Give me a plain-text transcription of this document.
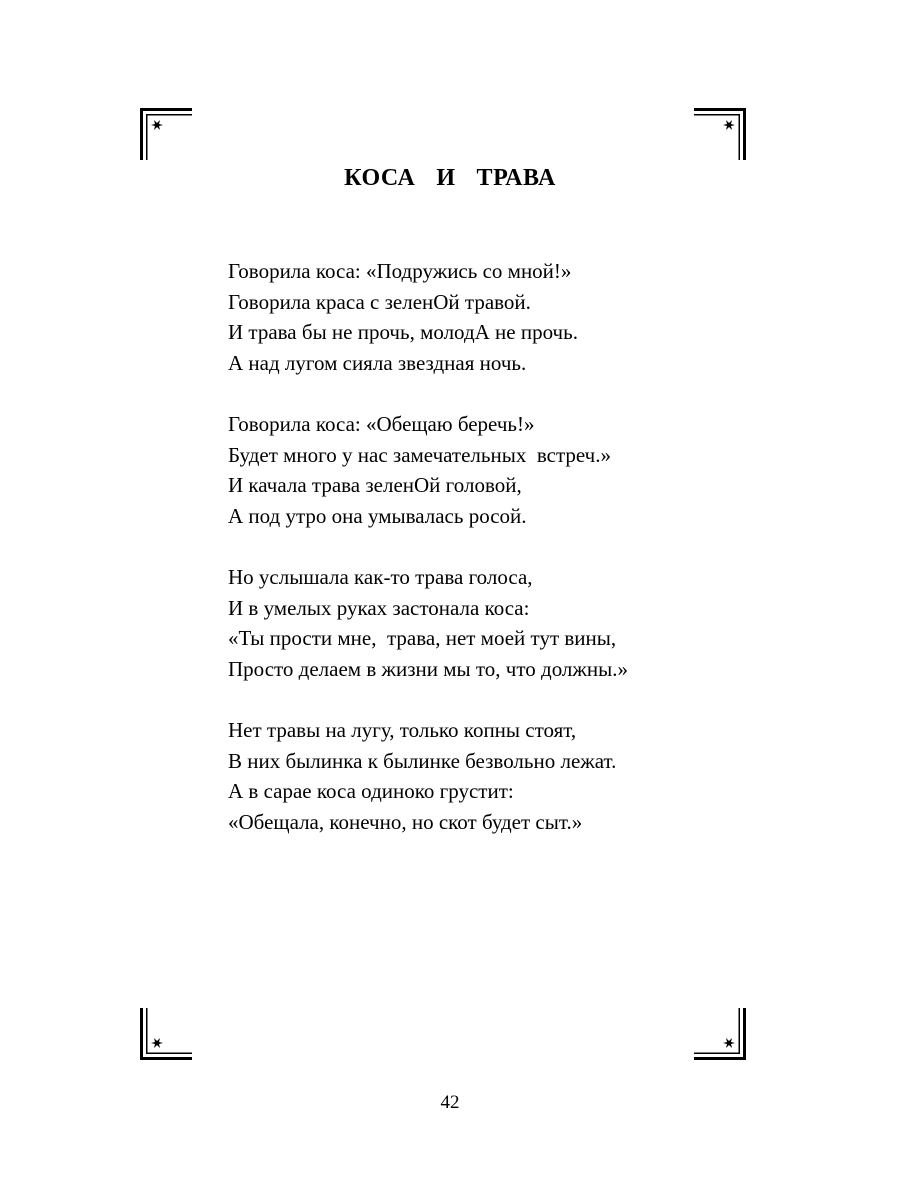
КОСА  И  ТРАВА
Говорила коса: «Подружись со мной!»
Говорила краса с зеленОй травой.
И трава бы не прочь, молодА не прочь.
А над лугом сияла звездная ночь.
Говорила коса: «Обещаю беречь!»
Будет много у нас замечательных  встреч.»
И качала трава зеленОй головой,
А под утро она умывалась росой.
Но услышала как-то трава голоса,
И в умелых руках застонала коса:
«Ты прости мне,  трава, нет моей тут вины,
Просто делаем в жизни мы то, что должны.»
Нет травы на лугу, только копны стоят,
В них былинка к былинке безвольно лежат.
А в сарае коса одиноко грустит:
«Обещала, конечно, но скот будет сыт.»
42
